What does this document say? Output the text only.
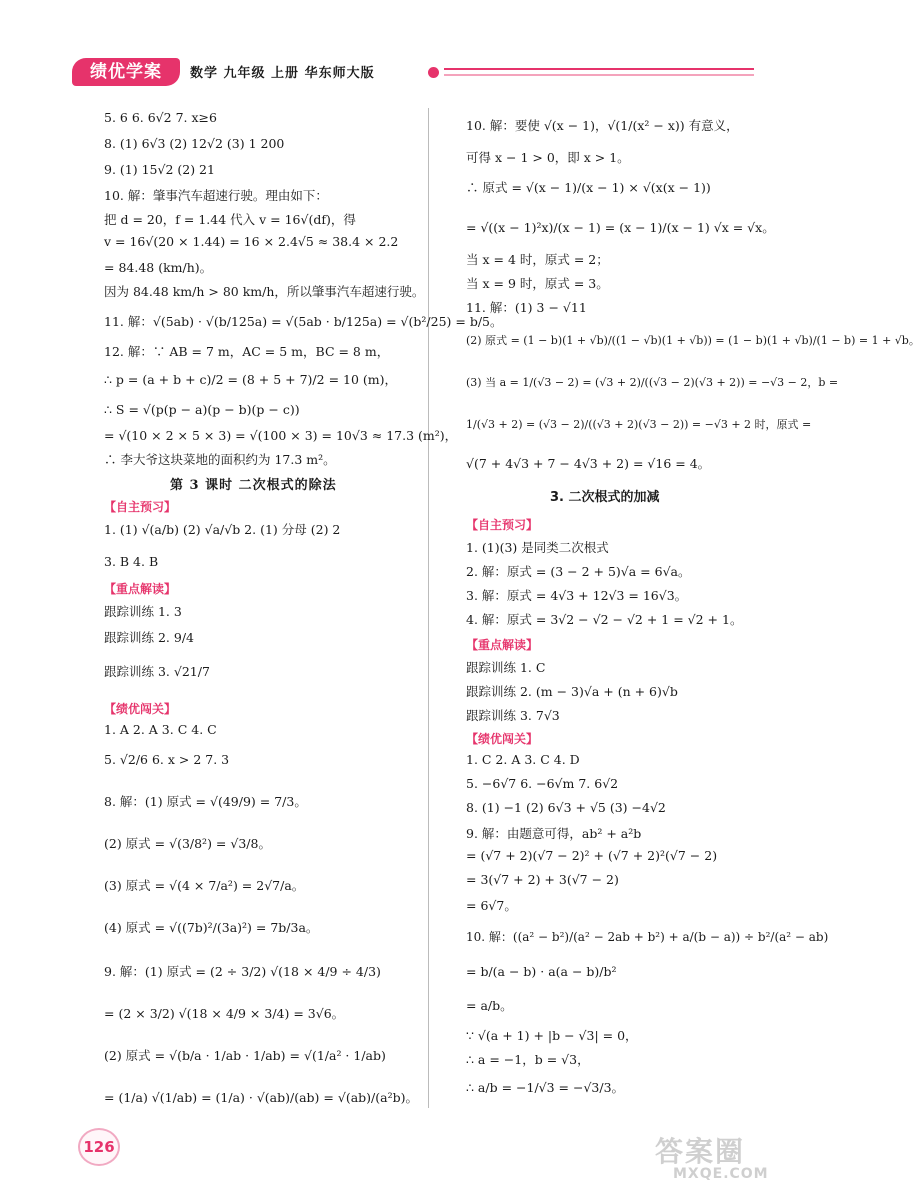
绩优学案	数学 九年级 上册 华东师大版
5. 6 6. 6√2 7. x≥6
8. (1) 6√3 (2) 12√2 (3) 1 200
9. (1) 15√2 (2) 21
10. 解：肇事汽车超速行驶。理由如下：
把 d = 20，f = 1.44 代入 v = 16√(df)，得
v = 16√(20 × 1.44) = 16 × 2.4√5 ≈ 38.4 × 2.2
= 84.48 (km/h)。
因为 84.48 km/h > 80 km/h，所以肇事汽车超速行驶。
11. 解：√(5ab) · √(b/125a) = √(5ab · b/125a) = √(b²/25) = b/5。
12. 解：∵ AB = 7 m，AC = 5 m，BC = 8 m，
∴ p = (a + b + c)/2 = (8 + 5 + 7)/2 = 10 (m)，
∴ S = √(p(p − a)(p − b)(p − c))
= √(10 × 2 × 5 × 3) = √(100 × 3) = 10√3 ≈ 17.3 (m²)，
∴ 李大爷这块菜地的面积约为 17.3 m²。
第 3 课时 二次根式的除法
【自主预习】
1. (1) √(a/b) (2) √a/√b 2. (1) 分母 (2) 2
3. B 4. B
【重点解读】
跟踪训练 1. 3
跟踪训练 2. 9/4
跟踪训练 3. √21/7
【绩优闯关】
1. A 2. A 3. C 4. C
5. √2/6 6. x > 2 7. 3
8. 解：(1) 原式 = √(49/9) = 7/3。
(2) 原式 = √(3/8²) = √3/8。
(3) 原式 = √(4 × 7/a²) = 2√7/a。
(4) 原式 = √((7b)²/(3a)²) = 7b/3a。
9. 解：(1) 原式 = (2 ÷ 3/2) √(18 × 4/9 ÷ 4/3)
= (2 × 3/2) √(18 × 4/9 × 3/4) = 3√6。
(2) 原式 = √(b/a · 1/ab · 1/ab) = √(1/a² · 1/ab)
= (1/a) √(1/ab) = (1/a) · √(ab)/(ab) = √(ab)/(a²b)。
10. 解：要使 √(x − 1)，√(1/(x² − x)) 有意义，
可得 x − 1 > 0，即 x > 1。
∴ 原式 = √(x − 1)/(x − 1) × √(x(x − 1))
= √((x − 1)²x)/(x − 1) = (x − 1)/(x − 1) √x = √x。
当 x = 4 时，原式 = 2；
当 x = 9 时，原式 = 3。
11. 解：(1) 3 − √11
(2) 原式 = (1 − b)(1 + √b)/((1 − √b)(1 + √b)) = (1 − b)(1 + √b)/(1 − b) = 1 + √b。
(3) 当 a = 1/(√3 − 2) = (√3 + 2)/((√3 − 2)(√3 + 2)) = −√3 − 2，b =
1/(√3 + 2) = (√3 − 2)/((√3 + 2)(√3 − 2)) = −√3 + 2 时，原式 =
√(7 + 4√3 + 7 − 4√3 + 2) = √16 = 4。
3. 二次根式的加减
【自主预习】
1. (1)(3) 是同类二次根式
2. 解：原式 = (3 − 2 + 5)√a = 6√a。
3. 解：原式 = 4√3 + 12√3 = 16√3。
4. 解：原式 = 3√2 − √2 − √2 + 1 = √2 + 1。
【重点解读】
跟踪训练 1. C
跟踪训练 2. (m − 3)√a + (n + 6)√b
跟踪训练 3. 7√3
【绩优闯关】
1. C 2. A 3. C 4. D
5. −6√7 6. −6√m 7. 6√2
8. (1) −1 (2) 6√3 + √5 (3) −4√2
9. 解：由题意可得，ab² + a²b
= (√7 + 2)(√7 − 2)² + (√7 + 2)²(√7 − 2)
= 3(√7 + 2) + 3(√7 − 2)
= 6√7。
10. 解：((a² − b²)/(a² − 2ab + b²) + a/(b − a)) ÷ b²/(a² − ab)
= b/(a − b) · a(a − b)/b²
= a/b。
∵ √(a + 1) + |b − √3| = 0，
∴ a = −1，b = √3，
∴ a/b = −1/√3 = −√3/3。
126	答案圈
MXQE.COM
